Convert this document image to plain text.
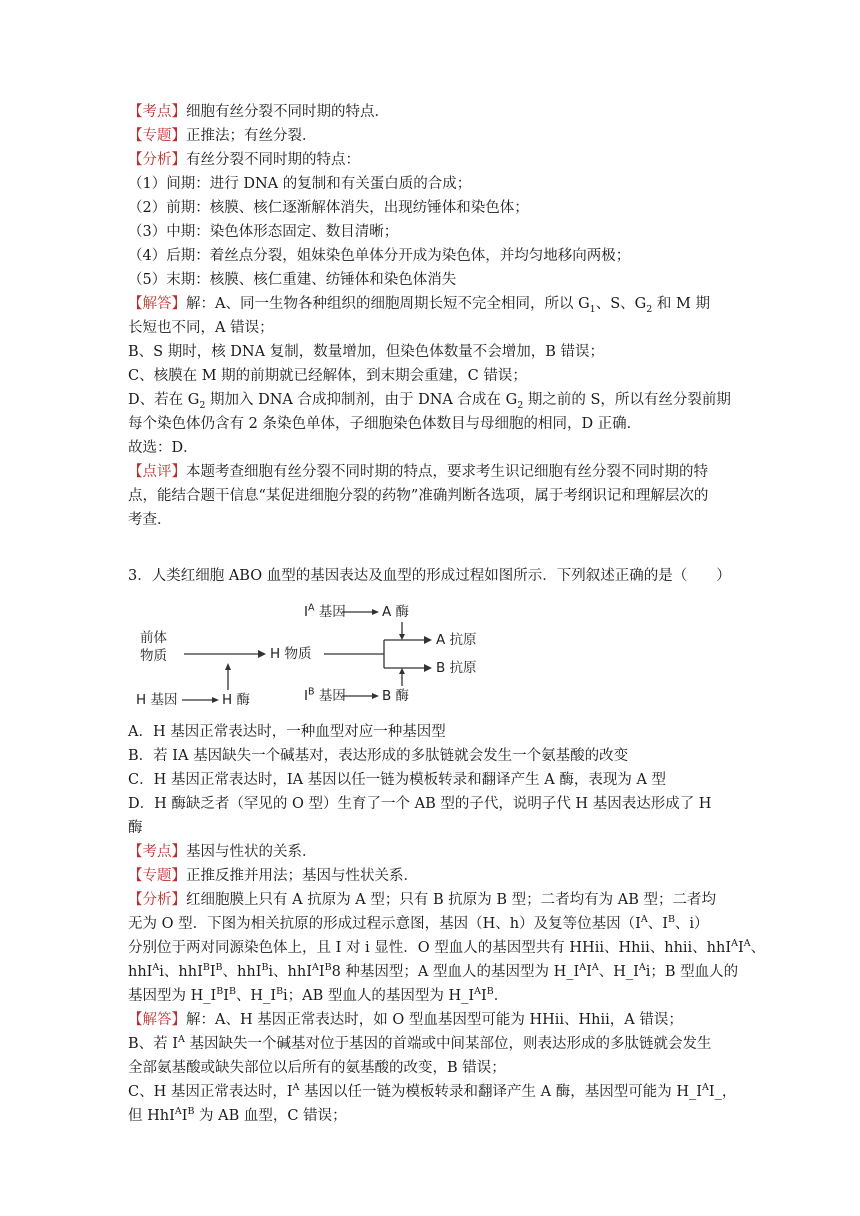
【考点】细胞有丝分裂不同时期的特点．

【专题】正推法；有丝分裂．

【分析】有丝分裂不同时期的特点：

（1）间期：进行 DNA 的复制和有关蛋白质的合成；

（2）前期：核膜、核仁逐渐解体消失，出现纺锤体和染色体；

（3）中期：染色体形态固定、数目清晰；

（4）后期：着丝点分裂，姐妹染色单体分开成为染色体，并均匀地移向两极；

（5）末期：核膜、核仁重建、纺锤体和染色体消失

【解答】解：A、同一生物各种组织的细胞周期长短不完全相同，所以 $G_1$、S、$G_2$ 和 M 期

长短也不同，A 错误；

B、S 期时，核 DNA 复制，数量增加，但染色体数量不会增加，B 错误；

C、核膜在 M 期的前期就已经解体，到末期会重建，C 错误；

D、若在 $G_2$ 期加入 DNA 合成抑制剂，由于 DNA 合成在 $G_2$ 期之前的 S，所以有丝分裂前期

每个染色体仍含有 2 条染色单体，子细胞染色体数目与母细胞的相同，D 正确．

故选：D．

【点评】本题考查细胞有丝分裂不同时期的特点，要求考生识记细胞有丝分裂不同时期的特

点，能结合题干信息“某促进细胞分裂的药物”准确判断各选项，属于考纲识记和理解层次的

考查．

3．人类红细胞 ABO 血型的基因表达及血型的形成过程如图所示．下列叙述正确的是（　　）

前体
物质	H 物质
H 基因	H 酶
$I^A$ 基因	A 酶
A 抗原
B 抗原
$I^B$ 基因	B 酶

A．H 基因正常表达时，一种血型对应一种基因型

B．若 IA 基因缺失一个碱基对，表达形成的多肽链就会发生一个氨基酸的改变

C．H 基因正常表达时，IA 基因以任一链为模板转录和翻译产生 A 酶，表现为 A 型

D．H 酶缺乏者（罕见的 O 型）生育了一个 AB 型的子代，说明子代 H 基因表达形成了 H

酶

【考点】基因与性状的关系．

【专题】正推反推并用法；基因与性状关系．

【分析】红细胞膜上只有 A 抗原为 A 型；只有 B 抗原为 B 型；二者均有为 AB 型；二者均

无为 O 型．下图为相关抗原的形成过程示意图，基因（H、h）及复等位基因（$I^A$、$I^B$、i）

分别位于两对同源染色体上，且 I 对 i 显性．O 型血人的基因型共有 HHii、Hhii、hhii、$hhI^AI^A$、

hhI$^A$i、$hhI^BI^B$、hhI$^B$i、$hhI^AI^B8$ 种基因型；A 型血人的基因型为 $H\_I^AI^A$、$H\_I^Ai$；B 型血人的

基因型为 $H\_I^BI^B$、$H\_I^Bi$；AB 型血人的基因型为 $H\_I^AI^B$．

【解答】解：A、H 基因正常表达时，如 O 型血基因型可能为 HHii、Hhii，A 错误；

B、若 $I^A$ 基因缺失一个碱基对位于基因的首端或中间某部位，则表达形成的多肽链就会发生

全部氨基酸或缺失部位以后所有的氨基酸的改变，B 错误；

C、H 基因正常表达时，$I^A$ 基因以任一链为模板转录和翻译产生 A 酶，基因型可能为 $H\_I^AI\_$，

但 $HhI^AI^B$ 为 AB 血型，C 错误；
